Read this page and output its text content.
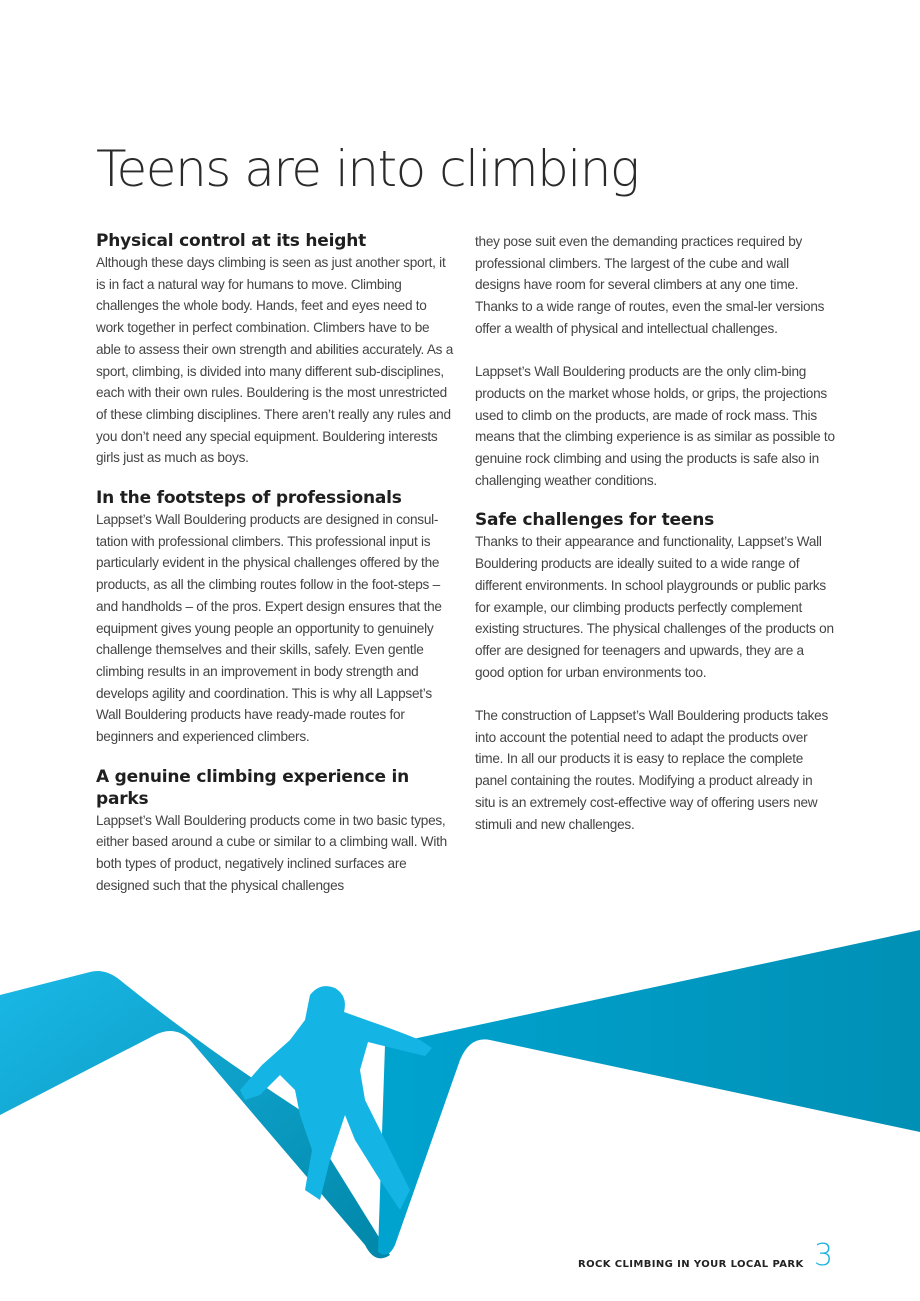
Teens are into climbing
Physical control at its height

Although these days climbing is seen as just another sport, it is in fact a natural way for humans to move. Climbing challenges the whole body. Hands, feet and eyes need to work together in perfect combination. Climbers have to be able to assess their own strength and abilities accurately. As a sport, climbing, is divided into many different sub-disciplines, each with their own rules. Bouldering is the most unrestricted of these climbing disciplines. There aren’t really any rules and you don’t need any special equipment. Bouldering interests girls just as much as boys.

In the footsteps of professionals

Lappset’s Wall Bouldering products are designed in consul-tation with professional climbers. This professional input is particularly evident in the physical challenges offered by the products, as all the climbing routes follow in the foot-steps – and handholds – of the pros. Expert design ensures that the equipment gives young people an opportunity to genuinely challenge themselves and their skills, safely. Even gentle climbing results in an improvement in body strength and develops agility and coordination. This is why all Lappset’s Wall Bouldering products have ready-made routes for beginners and experienced climbers.

A genuine climbing experience in parks

Lappset’s Wall Bouldering products come in two basic types, either based around a cube or similar to a climbing wall. With both types of product, negatively inclined surfaces are designed such that the physical challenges

they pose suit even the demanding practices required by professional climbers. The largest of the cube and wall designs have room for several climbers at any one time. Thanks to a wide range of routes, even the smal-ler versions offer a wealth of physical and intellectual challenges.

Lappset’s Wall Bouldering products are the only clim-bing products on the market whose holds, or grips, the projections used to climb on the products, are made of rock mass. This means that the climbing experience is as similar as possible to genuine rock climbing and using the products is safe also in challenging weather conditions.

Safe challenges for teens

Thanks to their appearance and functionality, Lappset’s Wall Bouldering products are ideally suited to a wide range of different environments. In school playgrounds or public parks for example, our climbing products perfectly complement existing structures. The physical challenges of the products on offer are designed for teenagers and upwards, they are a good option for urban environments too.

The construction of Lappset’s Wall Bouldering products takes into account the potential need to adapt the products over time. In all our products it is easy to replace the complete panel containing the routes. Modifying a product already in situ is an extremely cost-effective way of offering users new stimuli and new challenges.

ROCK CLIMBING IN YOUR LOCAL PARK 3
